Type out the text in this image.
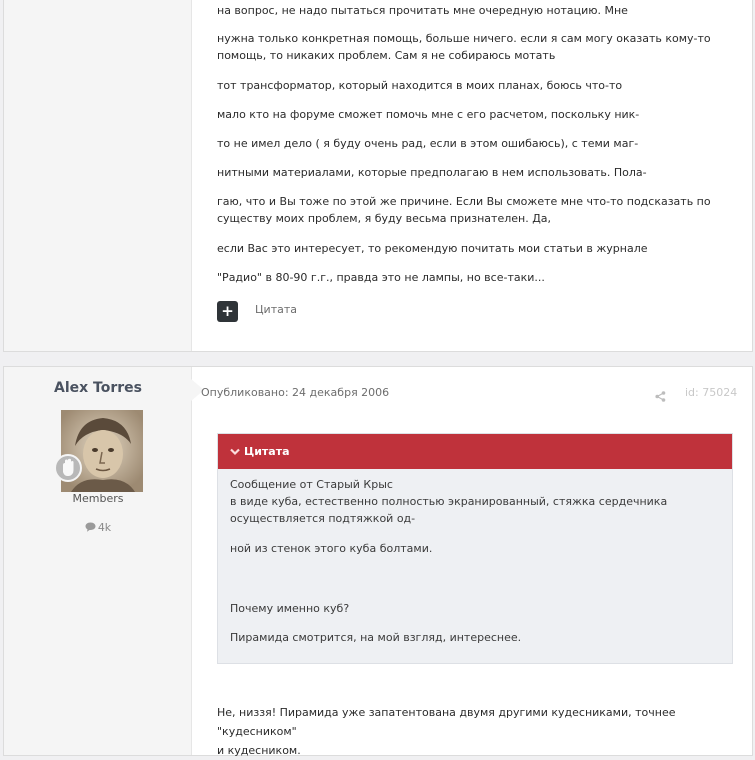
на вопрос, не надо пытаться прочитать мне очередную нотацию. Мне

нужна только конкретная помощь, больше ничего. если я сам могу оказать кому-то

помощь, то никаких проблем. Сам я не собираюсь мотать

тот трансформатор, который находится в моих планах, боюсь что-то

мало кто на форуме сможет помочь мне с его расчетом, поскольку ник-

то не имел дело ( я буду очень рад, если в этом ошибаюсь), с теми маг-

нитными материалами, которые предполагаю в нем использовать. Пола-

гаю, что и Вы тоже по этой же причине. Если Вы сможете мне что-то подсказать по

существу моих проблем, я буду весьма признателен. Да,

если Вас это интересует, то рекомендую почитать мои статьи в журнале

"Радио" в 80-90 г.г., правда это не лампы, но все-таки...

+	Цитата
Alex Torres
Members
4k
Опубликовано: 24 декабря 2006	id: 75024
Цитата

Сообщение от Старый Крыс

в виде куба, естественно полностью экранированный, стяжка сердечника

осуществляется подтяжкой од-

ной из стенок этого куба болтами.

Почему именно куб?

Пирамида смотрится, на мой взгляд, интереснее.

Не, низзя! Пирамида уже запатентована двумя другими кудесниками, точнее "кудесником"
и кудесником.
